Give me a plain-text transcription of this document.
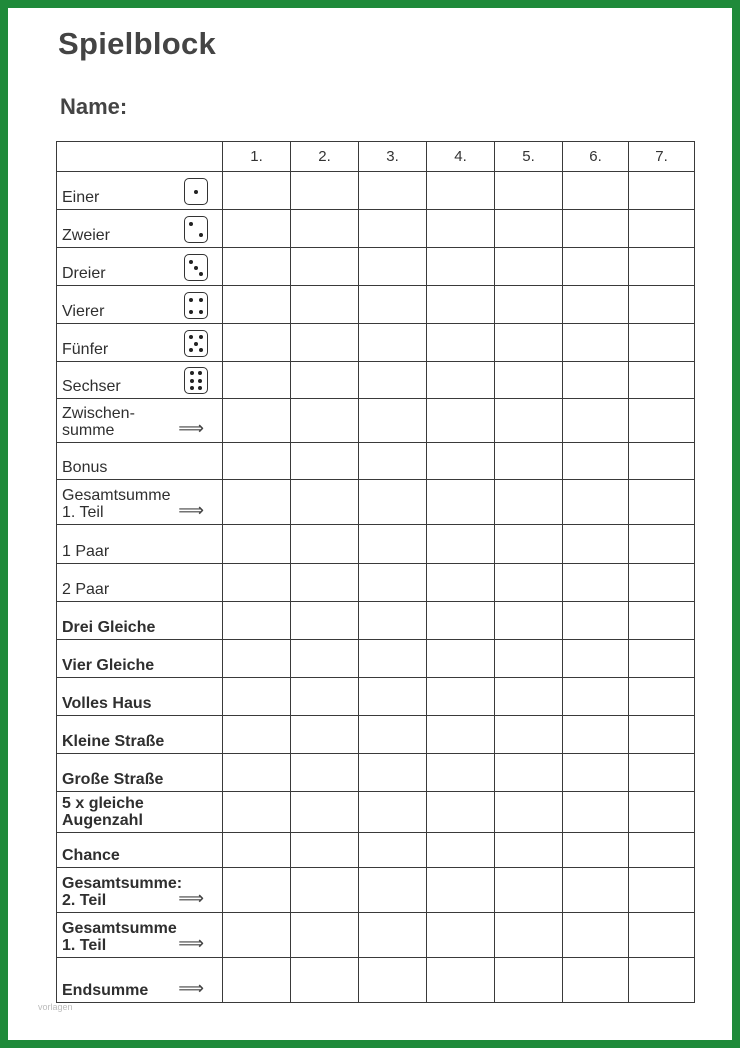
Spielblock
Name:
	1.	2.	3.	4.	5.	6.	7.

Einer							

Zweier							

Dreier							

Vierer							

Fünfer							

Sechser							

Zwischen-
summe ⟹							

Bonus							

Gesamtsumme
1. Teil ⟹							

1 Paar							

2 Paar							

Drei Gleiche							

Vier Gleiche							

Volles Haus							

Kleine Straße							

Große Straße							

5 x gleiche
Augenzahl							

Chance							

Gesamtsumme:
2. Teil ⟹							

Gesamtsumme
1. Teil ⟹							

Endsumme ⟹							

vorlagen
